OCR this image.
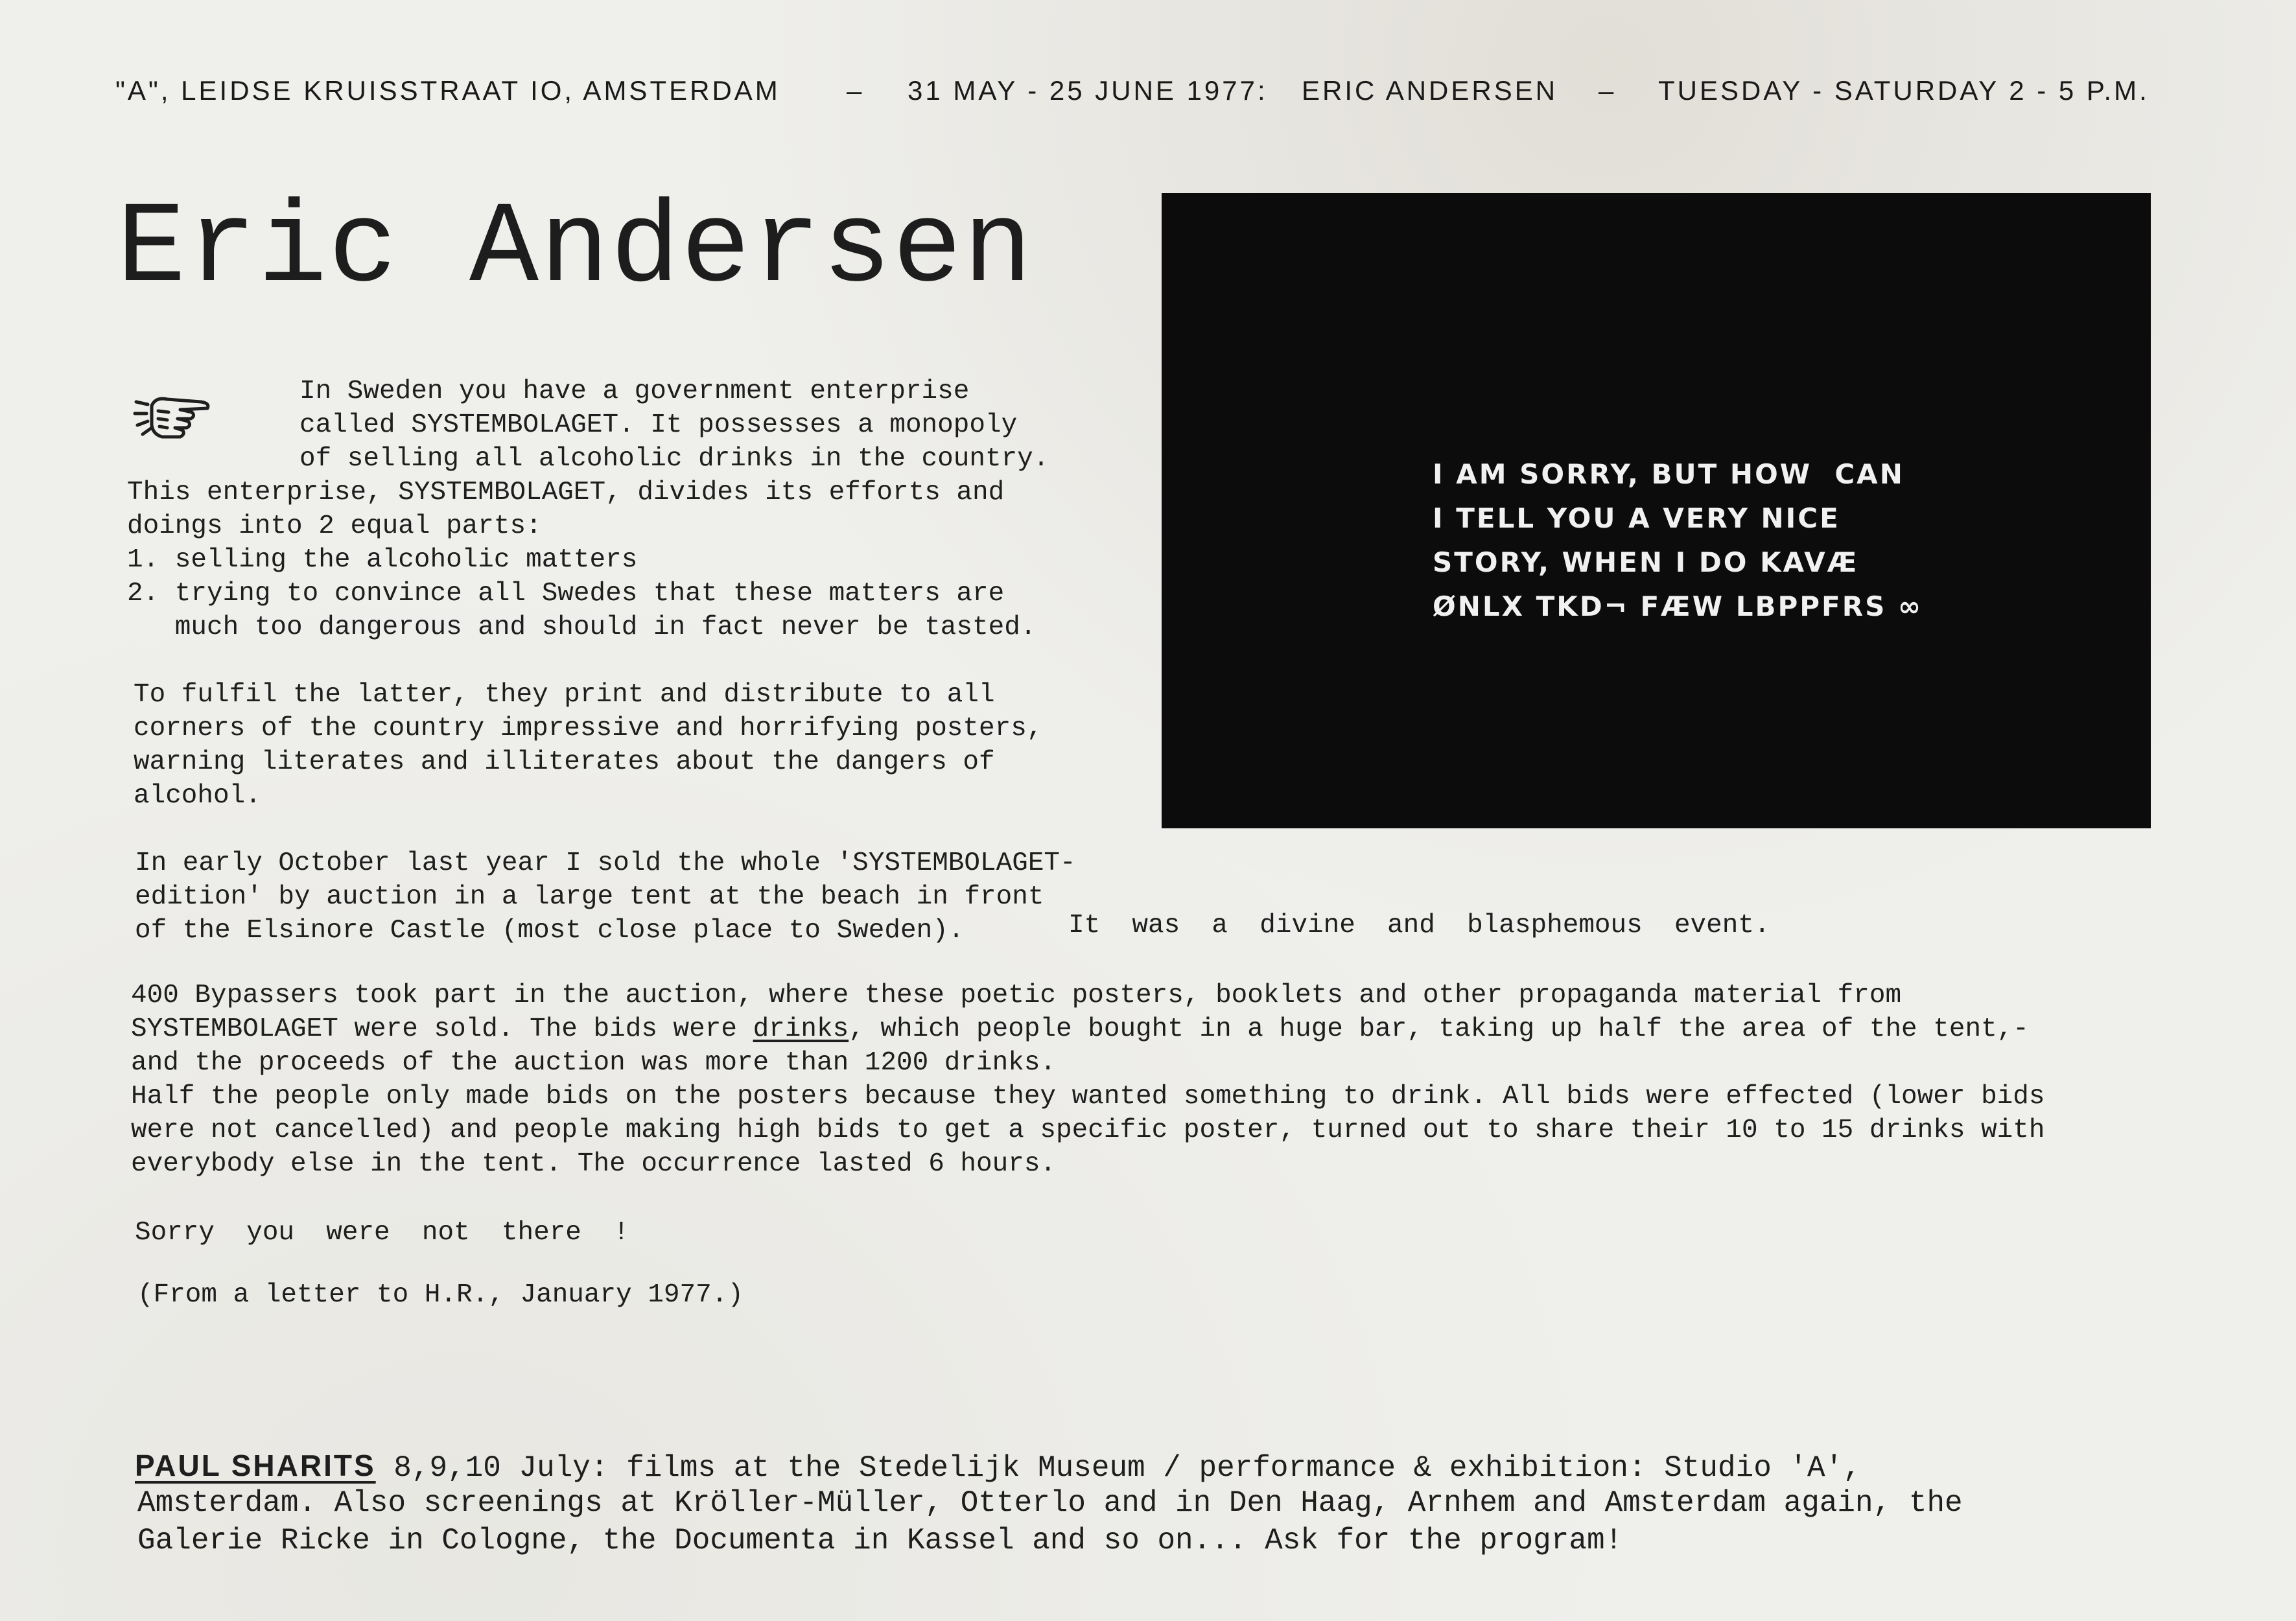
"A", LEIDSE KRUISSTRAAT IO, AMSTERDAM – 31 MAY - 25 JUNE 1977: ERIC ANDERSEN – TUESDAY - SATURDAY 2 - 5 P.M.
Eric Andersen
In Sweden you have a government enterprise
called SYSTEMBOLAGET. It possesses a monopoly
of selling all alcoholic drinks in the country.
This enterprise, SYSTEMBOLAGET, divides its efforts and
doings into 2 equal parts:
1. selling the alcoholic matters
2. trying to convince all Swedes that these matters are
much too dangerous and should in fact never be tasted.
To fulfil the latter, they print and distribute to all
corners of the country impressive and horrifying posters,
warning literates and illiterates about the dangers of
alcohol.
In early October last year I sold the whole 'SYSTEMBOLAGET-
edition' by auction in a large tent at the beach in front
of the Elsinore Castle (most close place to Sweden).	It  was  a  divine  and  blasphemous  event.
400 Bypassers took part in the auction, where these poetic posters, booklets and other propaganda material from
SYSTEMBOLAGET were sold. The bids were drinks, which people bought in a huge bar, taking up half the area of the tent,-
and the proceeds of the auction was more than 1200 drinks.
Half the people only made bids on the posters because they wanted something to drink. All bids were effected (lower bids
were not cancelled) and people making high bids to get a specific poster, turned out to share their 10 to 15 drinks with
everybody else in the tent. The occurrence lasted 6 hours.
Sorry  you  were  not  there  !
(From a letter to H.R., January 1977.)
I AM SORRY, BUT HOW  CAN
I TELL YOU A VERY NICE
STORY, WHEN I DO KAVÆ
ØNLX TKD¬ FÆW LBPPFRS ∞
PAUL SHARITS 8,9,10 July: films at the Stedelijk Museum / performance & exhibition: Studio 'A',
Amsterdam. Also screenings at Kröller-Müller, Otterlo and in Den Haag, Arnhem and Amsterdam again, the
Galerie Ricke in Cologne, the Documenta in Kassel and so on... Ask for the program!
